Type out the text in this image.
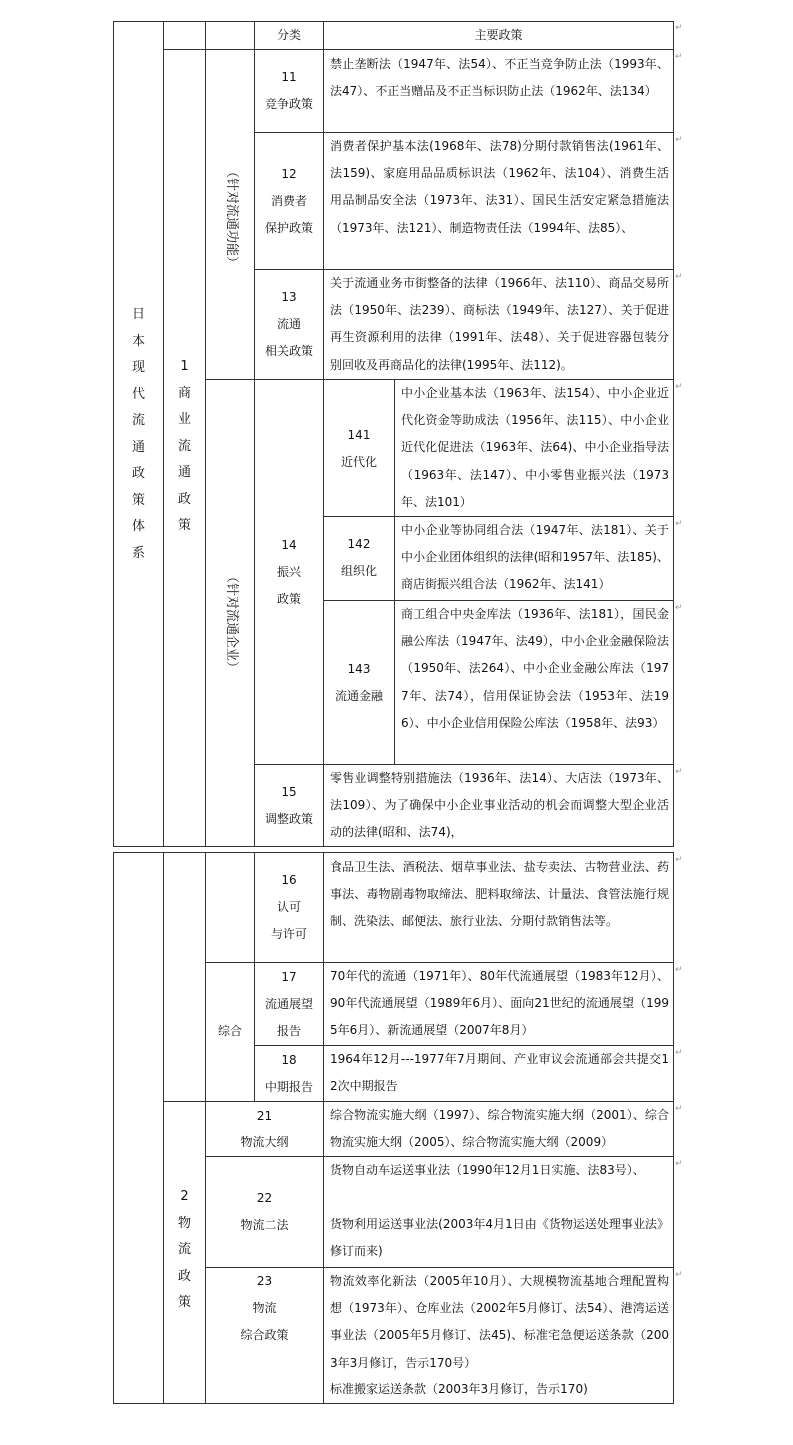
日
本
现
代
流
通
政
策
体
系
分类	主要政策
1
商
业
流
通
政
策
（针对流通功能）
（针对流通企业）
11
竞争政策
禁止垄断法（1947年、法54）、不正当竞争防止法（1993年、法47）、不正当赠品及不正当标识防止法（1962年、法134）
12
消费者
保护政策
消费者保护基本法(1968年、法78)分期付款销售法(1961年、法159)、家庭用品品质标识法（1962年、法104）、消费生活用品制品安全法（1973年、法31）、国民生活安定紧急措施法（1973年、法121）、制造物责任法（1994年、法85）、
13
流通
相关政策
关于流通业务市街整备的法律（1966年、法110）、商品交易所法（1950年、法239）、商标法（1949年、法127）、关于促进再生资源利用的法律（1991年、法48）、关于促进容器包装分别回收及再商品化的法律(1995年、法112)。
14
振兴
政策
141
近代化
中小企业基本法（1963年、法154）、中小企业近代化资金等助成法（1956年、法115）、中小企业近代化促进法（1963年、法64)、中小企业指导法（1963年、法147）、中小零售业振兴法（1973年、法101）
142
组织化
中小企业等协同组合法（1947年、法181）、关于中小企业团体组织的法律(昭和1957年、法185)、商店街振兴组合法（1962年、法141）
143
流通金融
商工组合中央金库法（1936年、法181），国民金融公库法（1947年、法49），中小企业金融保险法（1950年、法264）、中小企业金融公库法（1977年、法74），信用保证协会法（1953年、法196）、中小企业信用保险公库法（1958年、法93）
15
调整政策
零售业调整特别措施法（1936年、法14）、大店法（1973年、法109）、为了确保中小企业事业活动的机会而调整大型企业活动的法律(昭和、法74)，
16
认可
与许可
食品卫生法、酒税法、烟草事业法、盐专卖法、古物营业法、药事法、毒物剧毒物取缔法、肥料取缔法、计量法、食管法施行规制、洗染法、邮便法、旅行业法、分期付款销售法等。
综合
17
流通展望
报告
70年代的流通（1971年）、80年代流通展望（1983年12月）、90年代流通展望（1989年6月）、面向21世纪的流通展望（1995年6月）、新流通展望（2007年8月）
18
中期报告
1964年12月---1977年7月期间、产业审议会流通部会共提交12次中期报告
2
物
流
政
策
21
物流大纲
综合物流实施大纲（1997）、综合物流实施大纲（2001）、综合物流实施大纲（2005）、综合物流实施大纲（2009）
22
物流二法
货物自动车运送事业法（1990年12月1日实施、法83号）、
货物利用运送事业法(2003年4月1日由《货物运送处理事业法》修订而来)
23
物流
综合政策
物流效率化新法（2005年10月）、大规模物流基地合理配置构想（1973年）、仓库业法（2002年5月修订、法54）、港湾运送事业法（2005年5月修订、法45)、标准宅急便运送条款（2003年3月修订，告示170号）
标准搬家运送条款（2003年3月修订，告示170)
↵
↵
↵
↵
↵
↵
↵
↵
↵
↵
↵
↵
↵
↵
